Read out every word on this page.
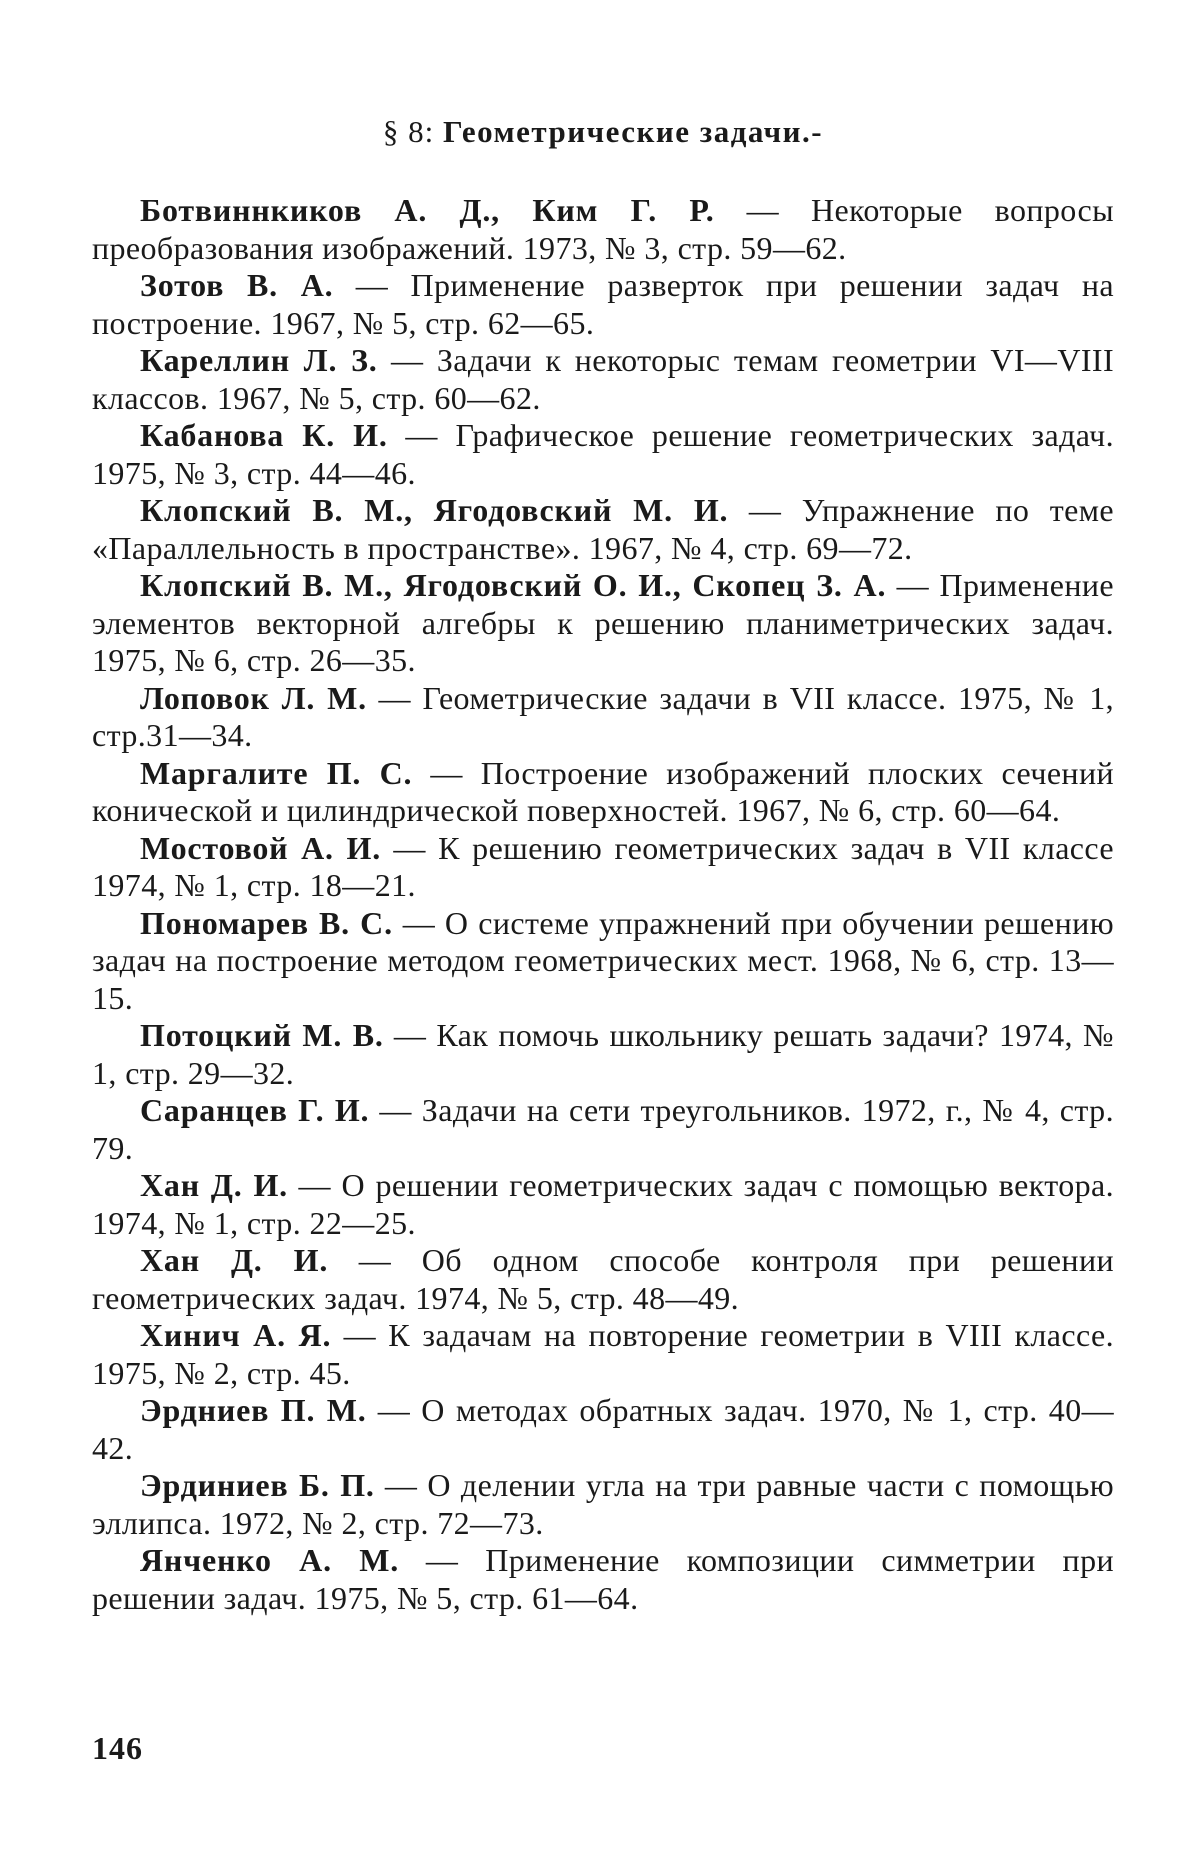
§ 8: Геометрические задачи.-
Ботвиннкиков А. Д., Ким Г. Р. — Некоторые вопросы преобразования изображений. 1973, № 3, стр. 59—62.
Зотов В. А. — Применение разверток при решении задач на построение. 1967, № 5, стр. 62—65.
Кареллин Л. З. — Задачи к некоторыс темам геометрии VI—VIII классов. 1967, № 5, стр. 60—62.
Кабанова К. И. — Графическое решение геометрических задач. 1975, № 3, стр. 44—46.
Клопский В. М., Ягодовский М. И. — Упражнение по теме «Параллельность в пространстве». 1967, № 4, стр. 69—72.
Клопский В. М., Ягодовский О. И., Скопец З. А. — Применение элементов векторной алгебры к решению планиметрических задач. 1975, № 6, стр. 26—35.
Лоповок Л. М. — Геометрические задачи в VII классе. 1975, № 1, стр.31—34.
Маргалите П. С. — Построение изображений плоских сечений конической и цилиндрической поверхностей. 1967, № 6, стр. 60—64.
Мостовой А. И. — К решению геометрических задач в VII классе 1974, № 1, стр. 18—21.
Пономарев В. С. — О системе упражнений при обучении решению задач на построение методом геометрических мест. 1968, № 6, стр. 13—15.
Потоцкий М. В. — Как помочь школьнику решать задачи? 1974, № 1, стр. 29—32.
Саранцев Г. И. — Задачи на сети треугольников. 1972, г., № 4, стр. 79.
Хан Д. И. — О решении геометрических задач с помощью вектора. 1974, № 1, стр. 22—25.
Хан Д. И. — Об одном способе контроля при решении геометрических задач. 1974, № 5, стр. 48—49.
Хинич А. Я. — К задачам на повторение геометрии в VIII классе. 1975, № 2, стр. 45.
Эрдниев П. М. — О методах обратных задач. 1970, № 1, стр. 40—42.
Эрдиниев Б. П. — О делении угла на три равные части с помощью эллипса. 1972, № 2, стр. 72—73.
Янченко А. М. — Применение композиции симметрии при решении задач. 1975, № 5, стр. 61—64.
146
